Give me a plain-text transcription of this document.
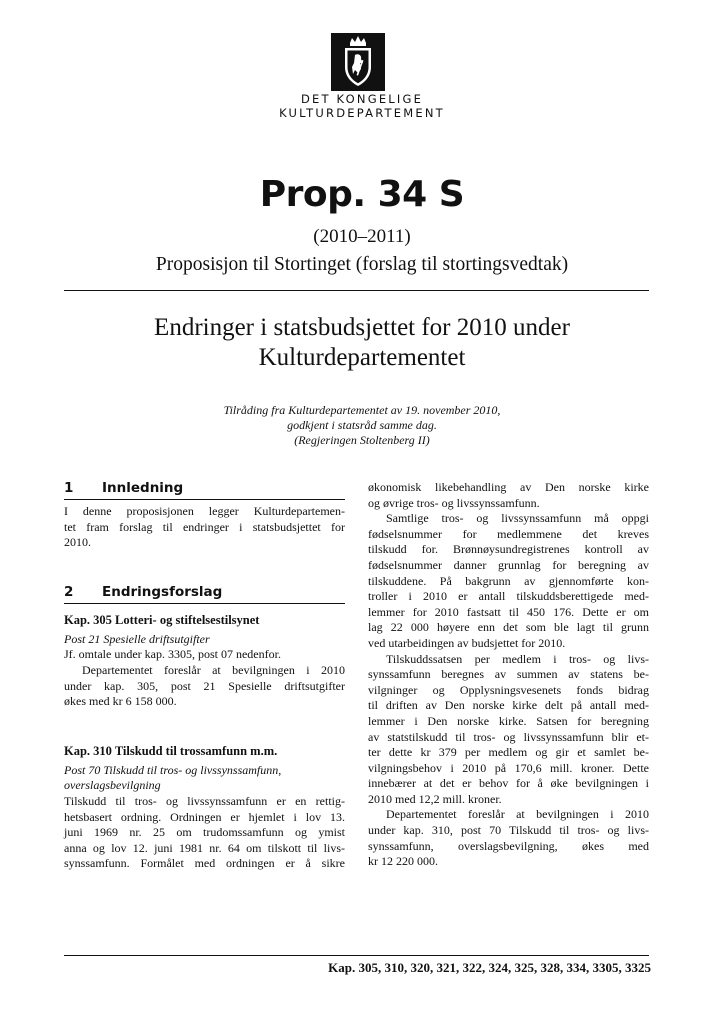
DET KONGELIGE
KULTURDEPARTEMENT
Prop. 34 S
(2010–2011)
Proposisjon til Stortinget (forslag til stortingsvedtak)
Endringer i statsbudsjettet for 2010 under
Kulturdepartementet
Tilråding fra Kulturdepartementet av 19. november 2010,
godkjent i statsråd samme dag.
(Regjeringen Stoltenberg II)
1	Innledning
I denne proposisjonen legger Kulturdepartemen-
tet fram forslag til endringer i statsbudsjettet for
2010.
2	Endringsforslag
Kap. 305 Lotteri- og stiftelsestilsynet
Post 21 Spesielle driftsutgifter
Jf. omtale under kap. 3305, post 07 nedenfor.
Departementet foreslår at bevilgningen i 2010
under kap. 305, post 21 Spesielle driftsutgifter
økes med kr 6 158 000.
Kap. 310 Tilskudd til trossamfunn m.m.
Post 70 Tilskudd til tros- og livssynssamfunn,
overslagsbevilgning
Tilskudd til tros- og livssynssamfunn er en rettig-
hetsbasert ordning. Ordningen er hjemlet i lov 13.
juni 1969 nr. 25 om trudomssamfunn og ymist
anna og lov 12. juni 1981 nr. 64 om tilskott til livs-
synssamfunn. Formålet med ordningen er å sikre
økonomisk likebehandling av Den norske kirke
og øvrige tros- og livssynssamfunn.
Samtlige tros- og livssynssamfunn må oppgi
fødselsnummer for medlemmene det kreves
tilskudd for. Brønnøysundregistrenes kontroll av
fødselsnummer danner grunnlag for beregning av
tilskuddene. På bakgrunn av gjennomførte kon-
troller i 2010 er antall tilskuddsberettigede med-
lemmer for 2010 fastsatt til 450 176. Dette er om
lag 22 000 høyere enn det som ble lagt til grunn
ved utarbeidingen av budsjettet for 2010.
Tilskuddssatsen per medlem i tros- og livs-
synssamfunn beregnes av summen av statens be-
vilgninger og Opplysningsvesenets fonds bidrag
til driften av Den norske kirke delt på antall med-
lemmer i Den norske kirke. Satsen for beregning
av statstilskudd til tros- og livssynssamfunn blir et-
ter dette kr 379 per medlem og gir et samlet be-
vilgningsbehov i 2010 på 170,6 mill. kroner. Dette
innebærer at det er behov for å øke bevilgningen i
2010 med 12,2 mill. kroner.
Departementet foreslår at bevilgningen i 2010
under kap. 310, post 70 Tilskudd til tros- og livs-
synssamfunn, overslagsbevilgning, økes med
kr 12 220 000.
Kap. 305, 310, 320, 321, 322, 324, 325, 328, 334, 3305, 3325
